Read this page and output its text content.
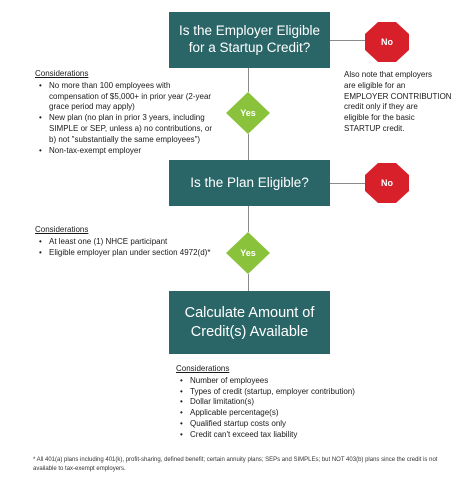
Is the Employer Eligible
for a Startup Credit?	No
Yes
Also note that employers
are eligible for an
EMPLOYER CONTRIBUTION
credit only if they are
eligible for the basic
STARTUP credit.
Considerations
• No more than 100 employees with compensation of $5,000+ in prior year (2-year grace period may apply)
• New plan (no plan in prior 3 years, including SIMPLE or SEP, unless a) no contributions, or b) not "substantially the same employees")
• Non-tax-exempt employer
Is the Plan Eligible?	No
Considerations
• At least one (1) NHCE participant
• Eligible employer plan under section 4972(d)*	Yes
Calculate Amount of
Credit(s) Available
Considerations
• Number of employees
• Types of credit (startup, employer contribution)
• Dollar limitation(s)
• Applicable percentage(s)
• Qualified startup costs only
• Credit can't exceed tax liability
* All 401(a) plans including 401(k), profit-sharing, defined benefit; certain annuity plans; SEPs and SIMPLEs; but NOT 403(b) plans since the credit is not available to tax-exempt employers.
